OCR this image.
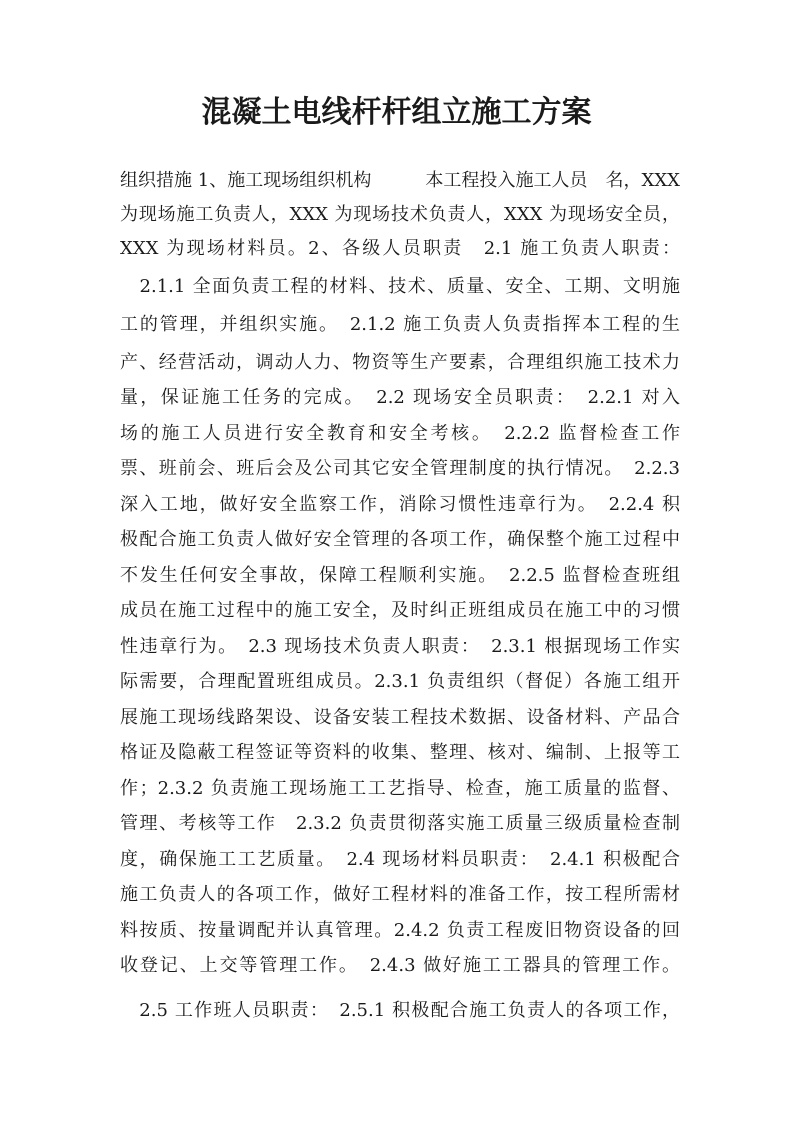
混凝土电线杆杆组立施工方案

组织措施 1、施工现场组织机构　　　本工程投入施工人员　名，XXX

为现场施工负责人，XXX 为现场技术负责人，XXX 为现场安全员，

XXX 为现场材料员。2、各级人员职责　2.1 施工负责人职责：

　2.1.1 全面负责工程的材料、技术、质量、安全、工期、文明施

工的管理，并组织实施。　2.1.2 施工负责人负责指挥本工程的生

产、经营活动，调动人力、物资等生产要素，合理组织施工技术力

量，保证施工任务的完成。　2.2 现场安全员职责：　2.2.1 对入

场的施工人员进行安全教育和安全考核。　2.2.2 监督检查工作

票、班前会、班后会及公司其它安全管理制度的执行情况。　2.2.3

深入工地，做好安全监察工作，消除习惯性违章行为。　2.2.4 积

极配合施工负责人做好安全管理的各项工作，确保整个施工过程中

不发生任何安全事故，保障工程顺利实施。　2.2.5 监督检查班组

成员在施工过程中的施工安全，及时纠正班组成员在施工中的习惯

性违章行为。　2.3 现场技术负责人职责：　2.3.1 根据现场工作实

际需要，合理配置班组成员。2.3.1 负责组织（督促）各施工组开

展施工现场线路架设、设备安装工程技术数据、设备材料、产品合

格证及隐蔽工程签证等资料的收集、整理、核对、编制、上报等工

作；2.3.2 负责施工现场施工工艺指导、检查，施工质量的监督、

管理、考核等工作　2.3.2 负责贯彻落实施工质量三级质量检查制

度，确保施工工艺质量。　2.4 现场材料员职责：　2.4.1 积极配合

施工负责人的各项工作，做好工程材料的准备工作，按工程所需材

料按质、按量调配并认真管理。2.4.2 负责工程废旧物资设备的回

收登记、上交等管理工作。　2.4.3 做好施工工器具的管理工作。

　2.5 工作班人员职责：　2.5.1 积极配合施工负责人的各项工作，
